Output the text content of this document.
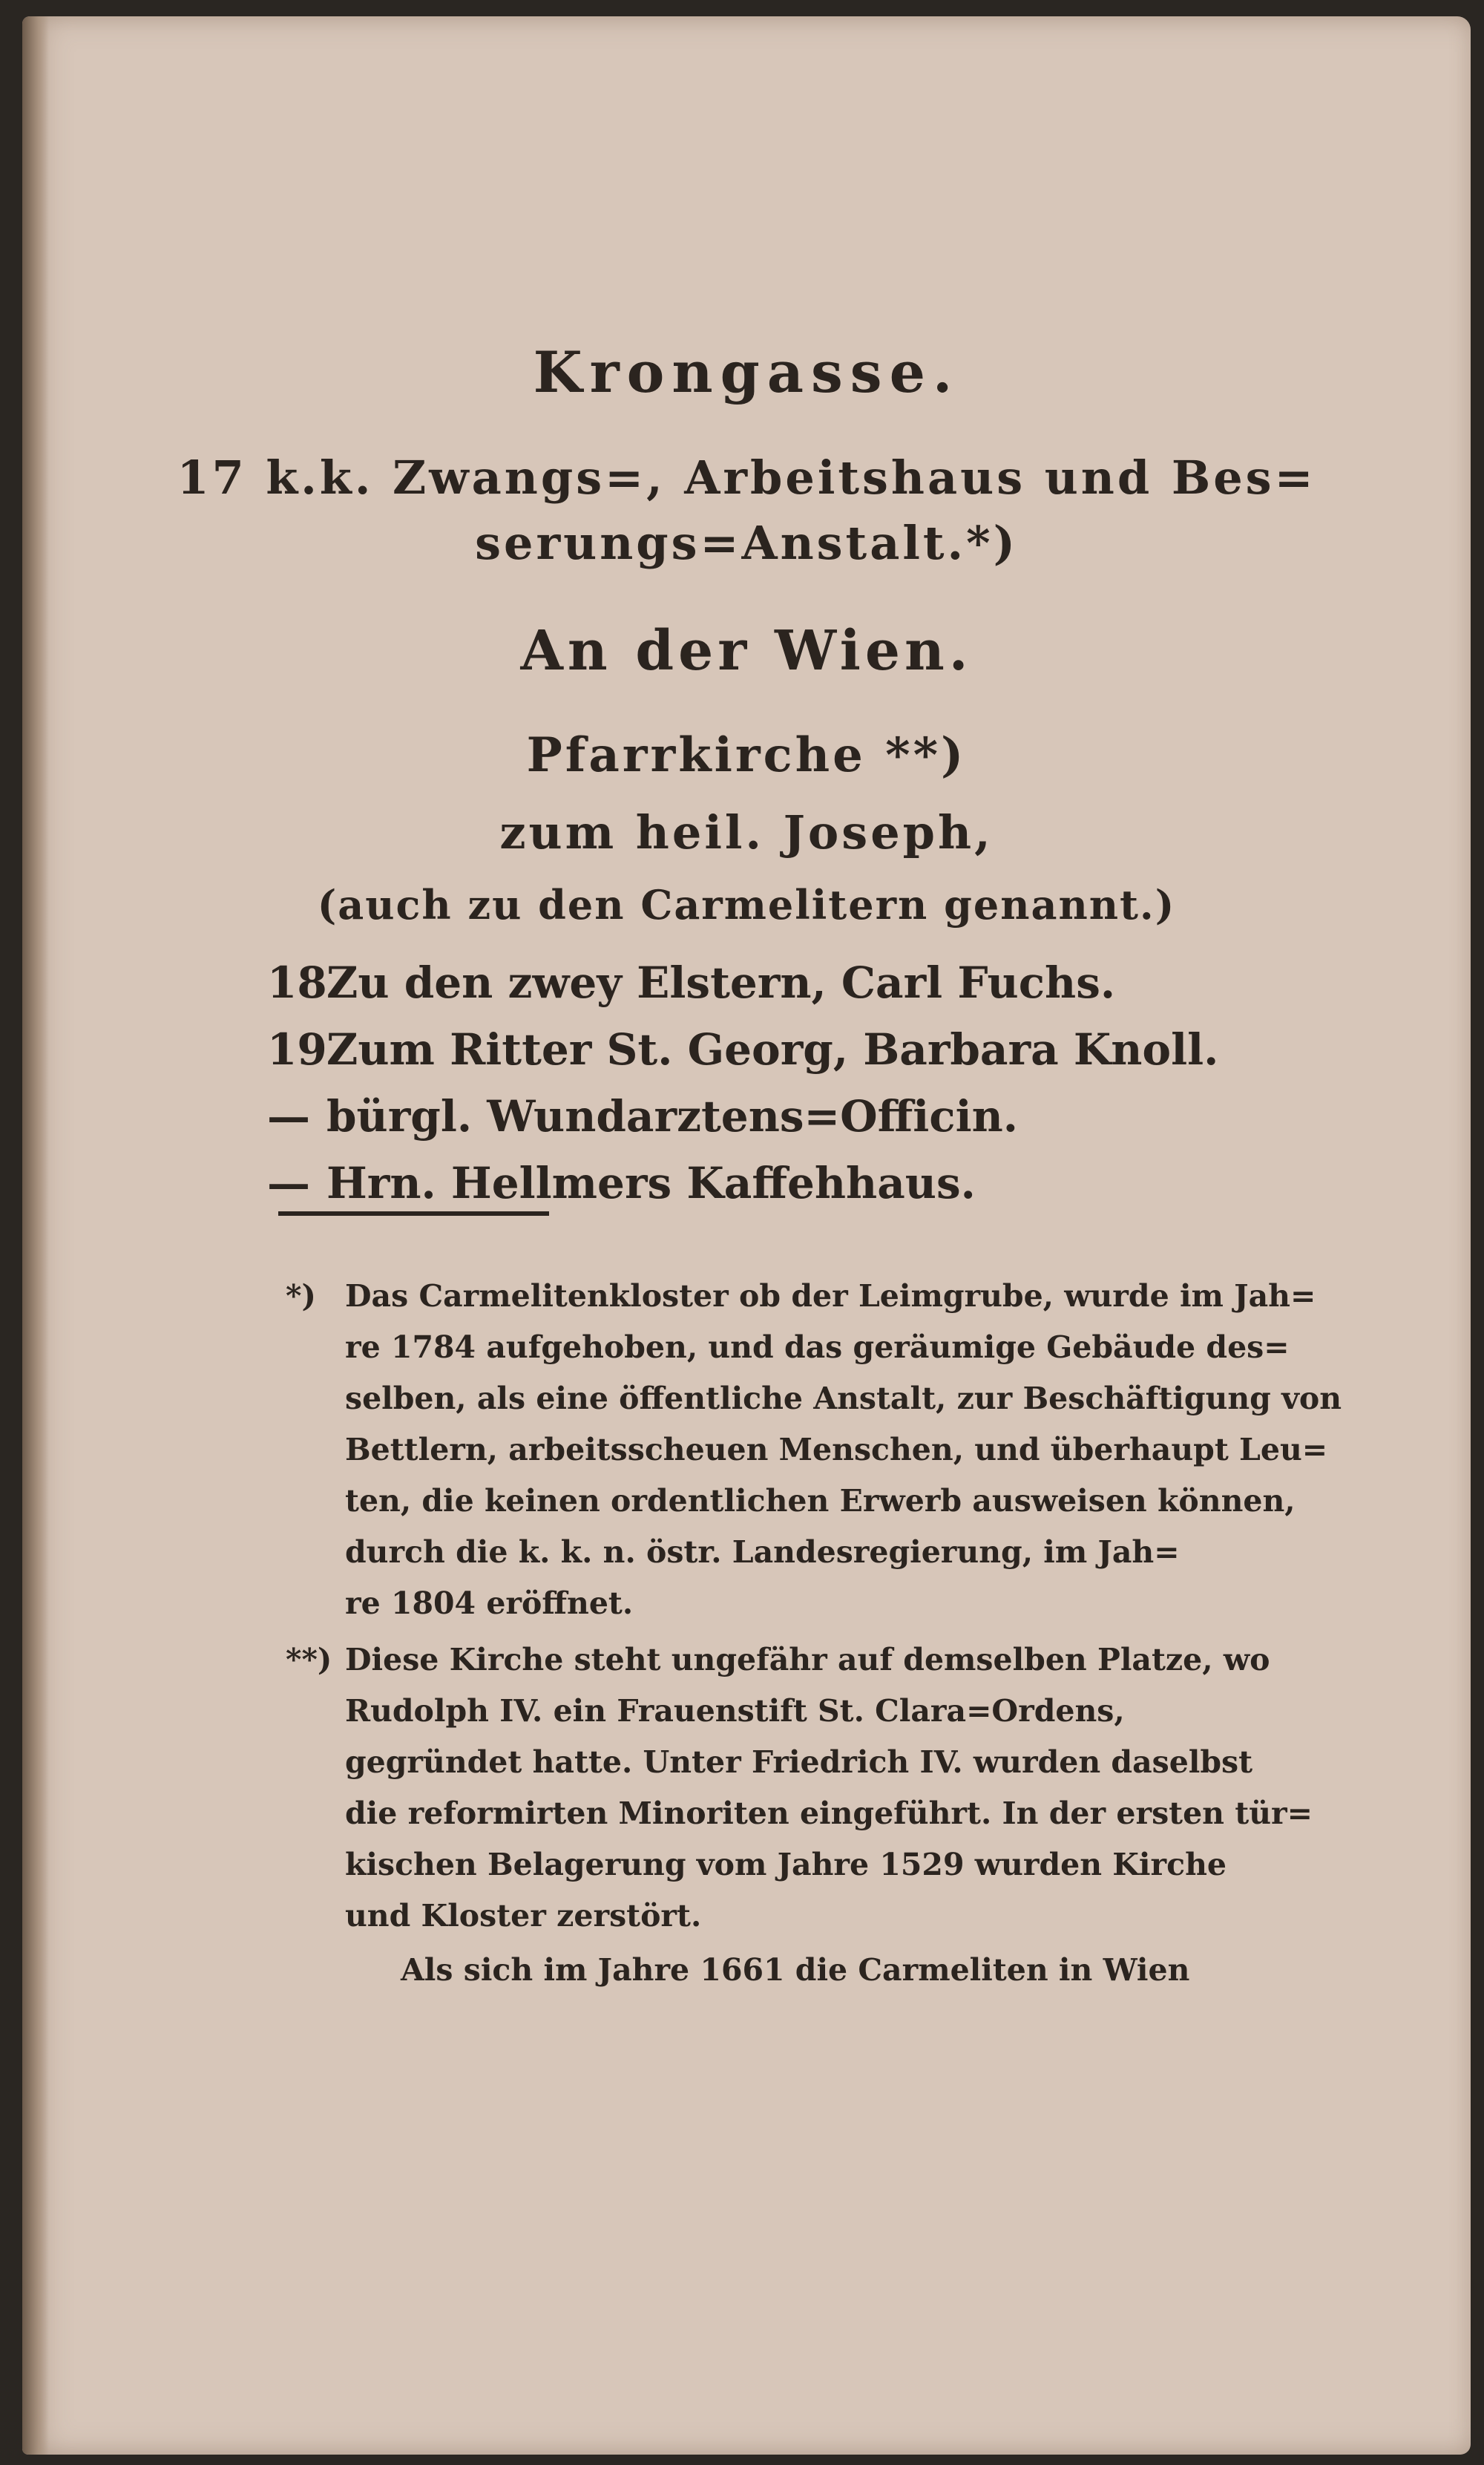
Krongasse.
17 k.k. Zwangs=, Arbeitshaus und Bes=
serungs=Anstalt.*)
An der Wien.
Pfarrkirche **)
zum heil. Joseph,
(auch zu den Carmelitern genannt.)
18Zu den zwey Elstern, Carl Fuchs.
19Zum Ritter St. Georg, Barbara Knoll.
— bürgl. Wundarztens=Officin.
— Hrn. Hellmers Kaffehhaus.
*) Das Carmelitenkloster ob der Leimgrube, wurde im Jah=
re 1784 aufgehoben, und das geräumige Gebäude des=
selben, als eine öffentliche Anstalt, zur Beschäftigung von
Bettlern, arbeitsscheuen Menschen, und überhaupt Leu=
ten, die keinen ordentlichen Erwerb ausweisen können,
durch die k. k. n. östr. Landesregierung, im Jah=
re 1804 eröffnet.

**) Diese Kirche steht ungefähr auf demselben Platze, wo
Rudolph IV. ein Frauenstift St. Clara=Ordens,
gegründet hatte. Unter Friedrich IV. wurden daselbst
die reformirten Minoriten eingeführt. In der ersten tür=
kischen Belagerung vom Jahre 1529 wurden Kirche
und Kloster zerstört.

Als sich im Jahre 1661 die Carmeliten in Wien
